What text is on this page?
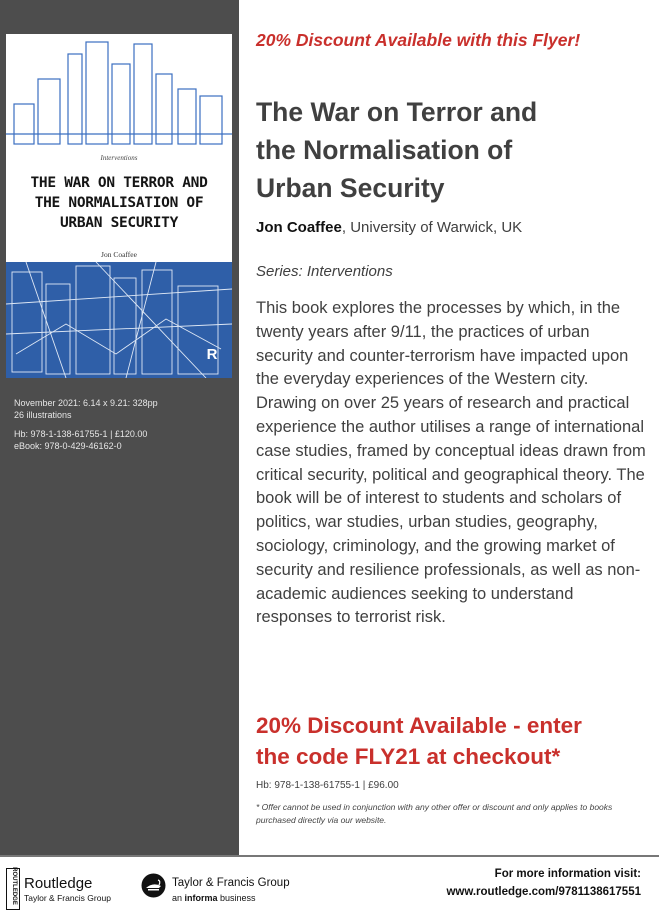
Interventions
THE WAR ON TERROR AND THE NORMALISATION OF URBAN SECURITY
Jon Coaffee
R
November 2021: 6.14 x 9.21: 328pp
26 illustrations
Hb: 978-1-138-61755-1 | £120.00
eBook: 978-0-429-46162-0
20% Discount Available with this Flyer!
The War on Terror and
the Normalisation of
Urban Security
Jon Coaffee, University of Warwick, UK
Series: Interventions
This book explores the processes by which, in the twenty years after 9/11, the practices of urban security and counter-terrorism have impacted upon the everyday experiences of the Western city. Drawing on over 25 years of research and practical experience the author utilises a range of international case studies, framed by conceptual ideas drawn from critical security, political and geographical theory. The book will be of interest to students and scholars of politics, war studies, urban studies, geography, sociology, criminology, and the growing market of security and resilience professionals, as well as non-academic audiences seeking to understand responses to terrorist risk.
20% Discount Available - enter
the code FLY21 at checkout*
Hb: 978-1-138-61755-1 | £96.00
* Offer cannot be used in conjunction with any other offer or discount and only applies to books purchased directly via our website.
ROUTLEDGE Routledge
Taylor & Francis Group
Taylor & Francis Group
an informa business
For more information visit:
www.routledge.com/9781138617551
